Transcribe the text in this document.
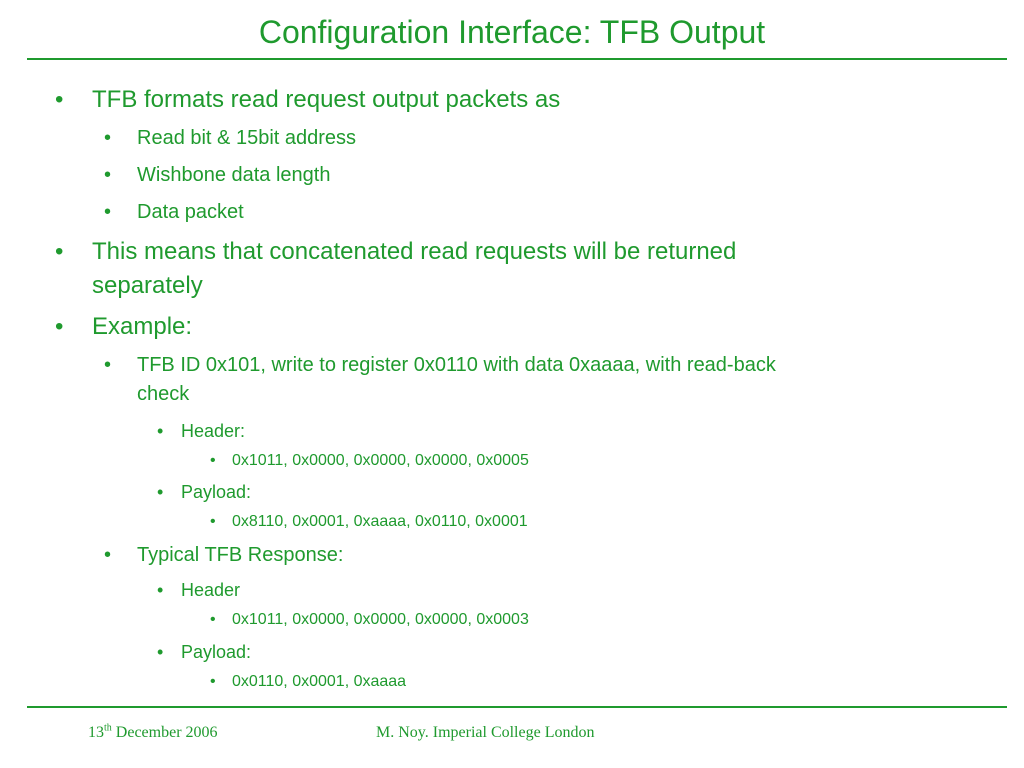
Configuration Interface: TFB Output
• TFB formats read request output packets as
• Read bit & 15bit address
• Wishbone data length
• Data packet
• This means that concatenated read requests will be returned
separately
• Example:
• TFB ID 0x101, write to register 0x0110 with data 0xaaaa, with read-back
check
• Header:
• 0x1011, 0x0000, 0x0000, 0x0000, 0x0005
• Payload:
• 0x8110, 0x0001, 0xaaaa, 0x0110, 0x0001
• Typical TFB Response:
• Header
• 0x1011, 0x0000, 0x0000, 0x0000, 0x0003
• Payload:
• 0x0110, 0x0001, 0xaaaa
13th December 2006	M. Noy. Imperial College London
